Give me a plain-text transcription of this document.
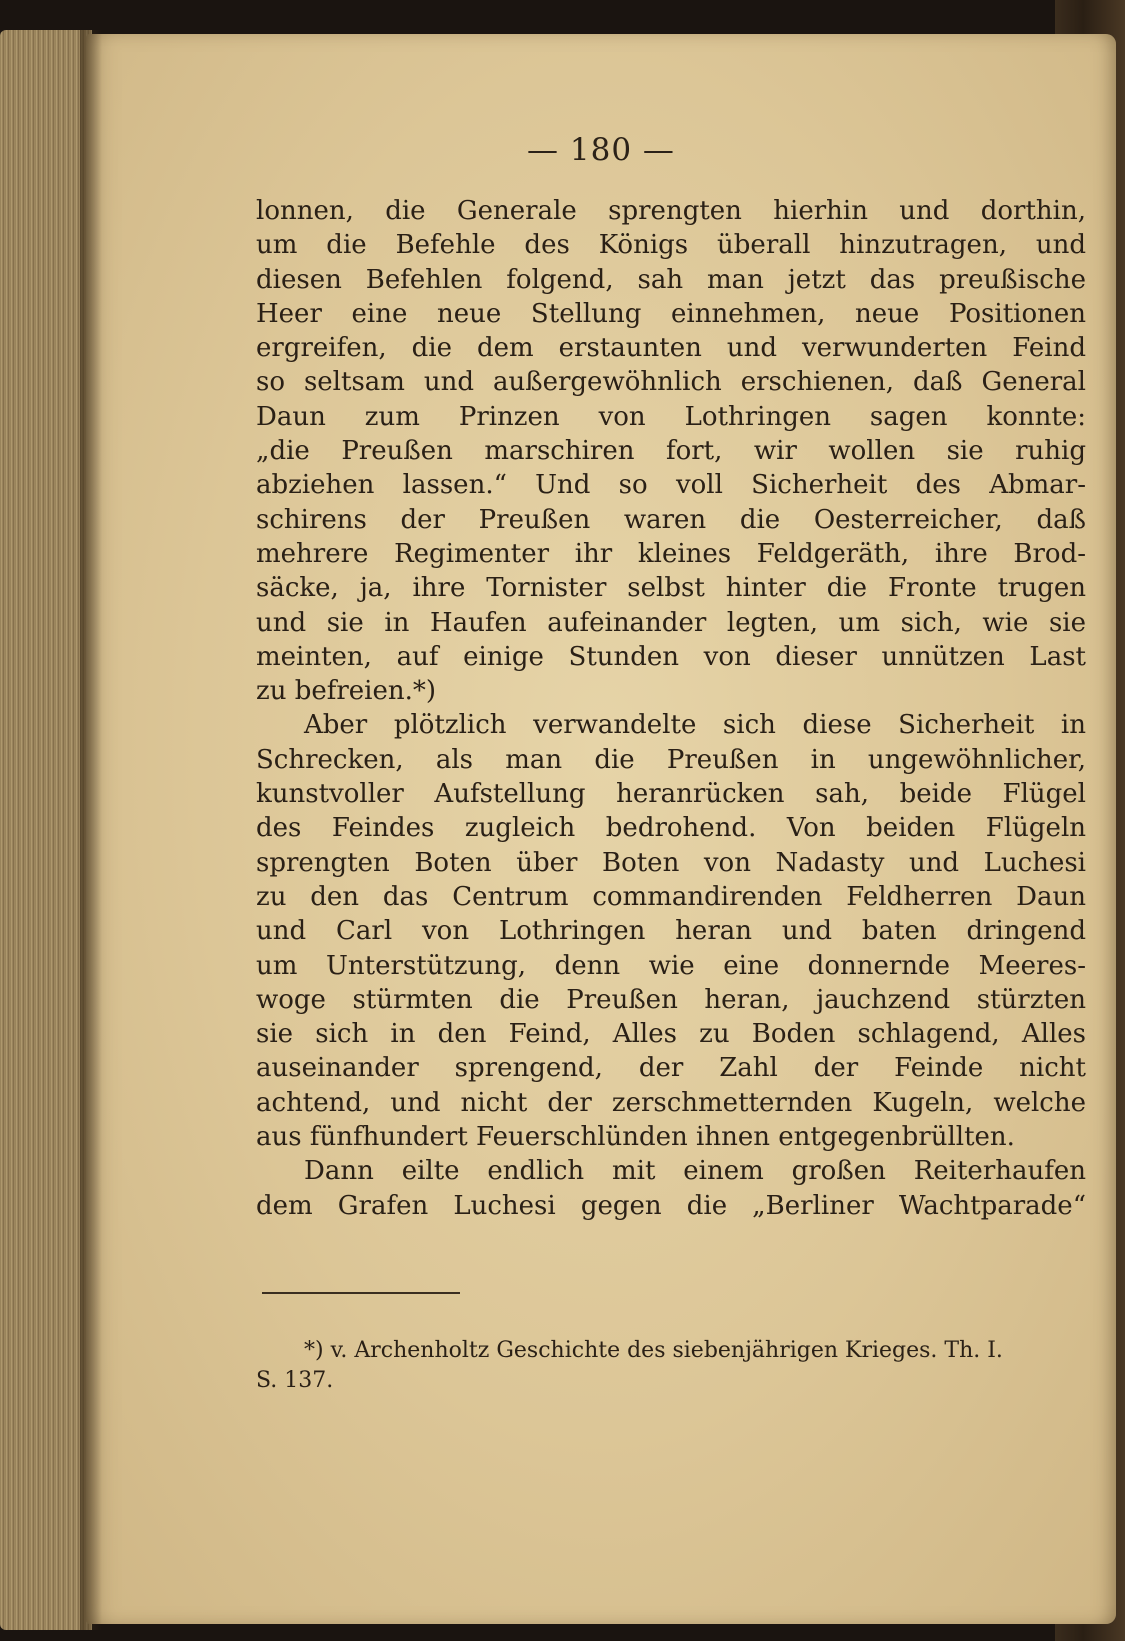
— 180 —
lonnen, die Generale sprengten hierhin und dorthin,
um die Befehle des Königs überall hinzutragen, und
diesen Befehlen folgend, sah man jetzt das preußische
Heer eine neue Stellung einnehmen, neue Positionen
ergreifen, die dem erstaunten und verwunderten Feind
so seltsam und außergewöhnlich erschienen, daß General
Daun zum Prinzen von Lothringen sagen konnte:
„die Preußen marschiren fort, wir wollen sie ruhig
abziehen lassen.“ Und so voll Sicherheit des Abmar-
schirens der Preußen waren die Oesterreicher, daß
mehrere Regimenter ihr kleines Feldgeräth, ihre Brod-
säcke, ja, ihre Tornister selbst hinter die Fronte trugen
und sie in Haufen aufeinander legten, um sich, wie sie
meinten, auf einige Stunden von dieser unnützen Last
zu befreien.*)
Aber plötzlich verwandelte sich diese Sicherheit in
Schrecken, als man die Preußen in ungewöhnlicher,
kunstvoller Aufstellung heranrücken sah, beide Flügel
des Feindes zugleich bedrohend. Von beiden Flügeln
sprengten Boten über Boten von Nadasty und Luchesi
zu den das Centrum commandirenden Feldherren Daun
und Carl von Lothringen heran und baten dringend
um Unterstützung, denn wie eine donnernde Meeres-
woge stürmten die Preußen heran, jauchzend stürzten
sie sich in den Feind, Alles zu Boden schlagend, Alles
auseinander sprengend, der Zahl der Feinde nicht
achtend, und nicht der zerschmetternden Kugeln, welche
aus fünfhundert Feuerschlünden ihnen entgegenbrüllten.
Dann eilte endlich mit einem großen Reiterhaufen
dem Grafen Luchesi gegen die „Berliner Wachtparade“
*) v. Archenholtz Geschichte des siebenjährigen Krieges. Th. I.
S. 137.
